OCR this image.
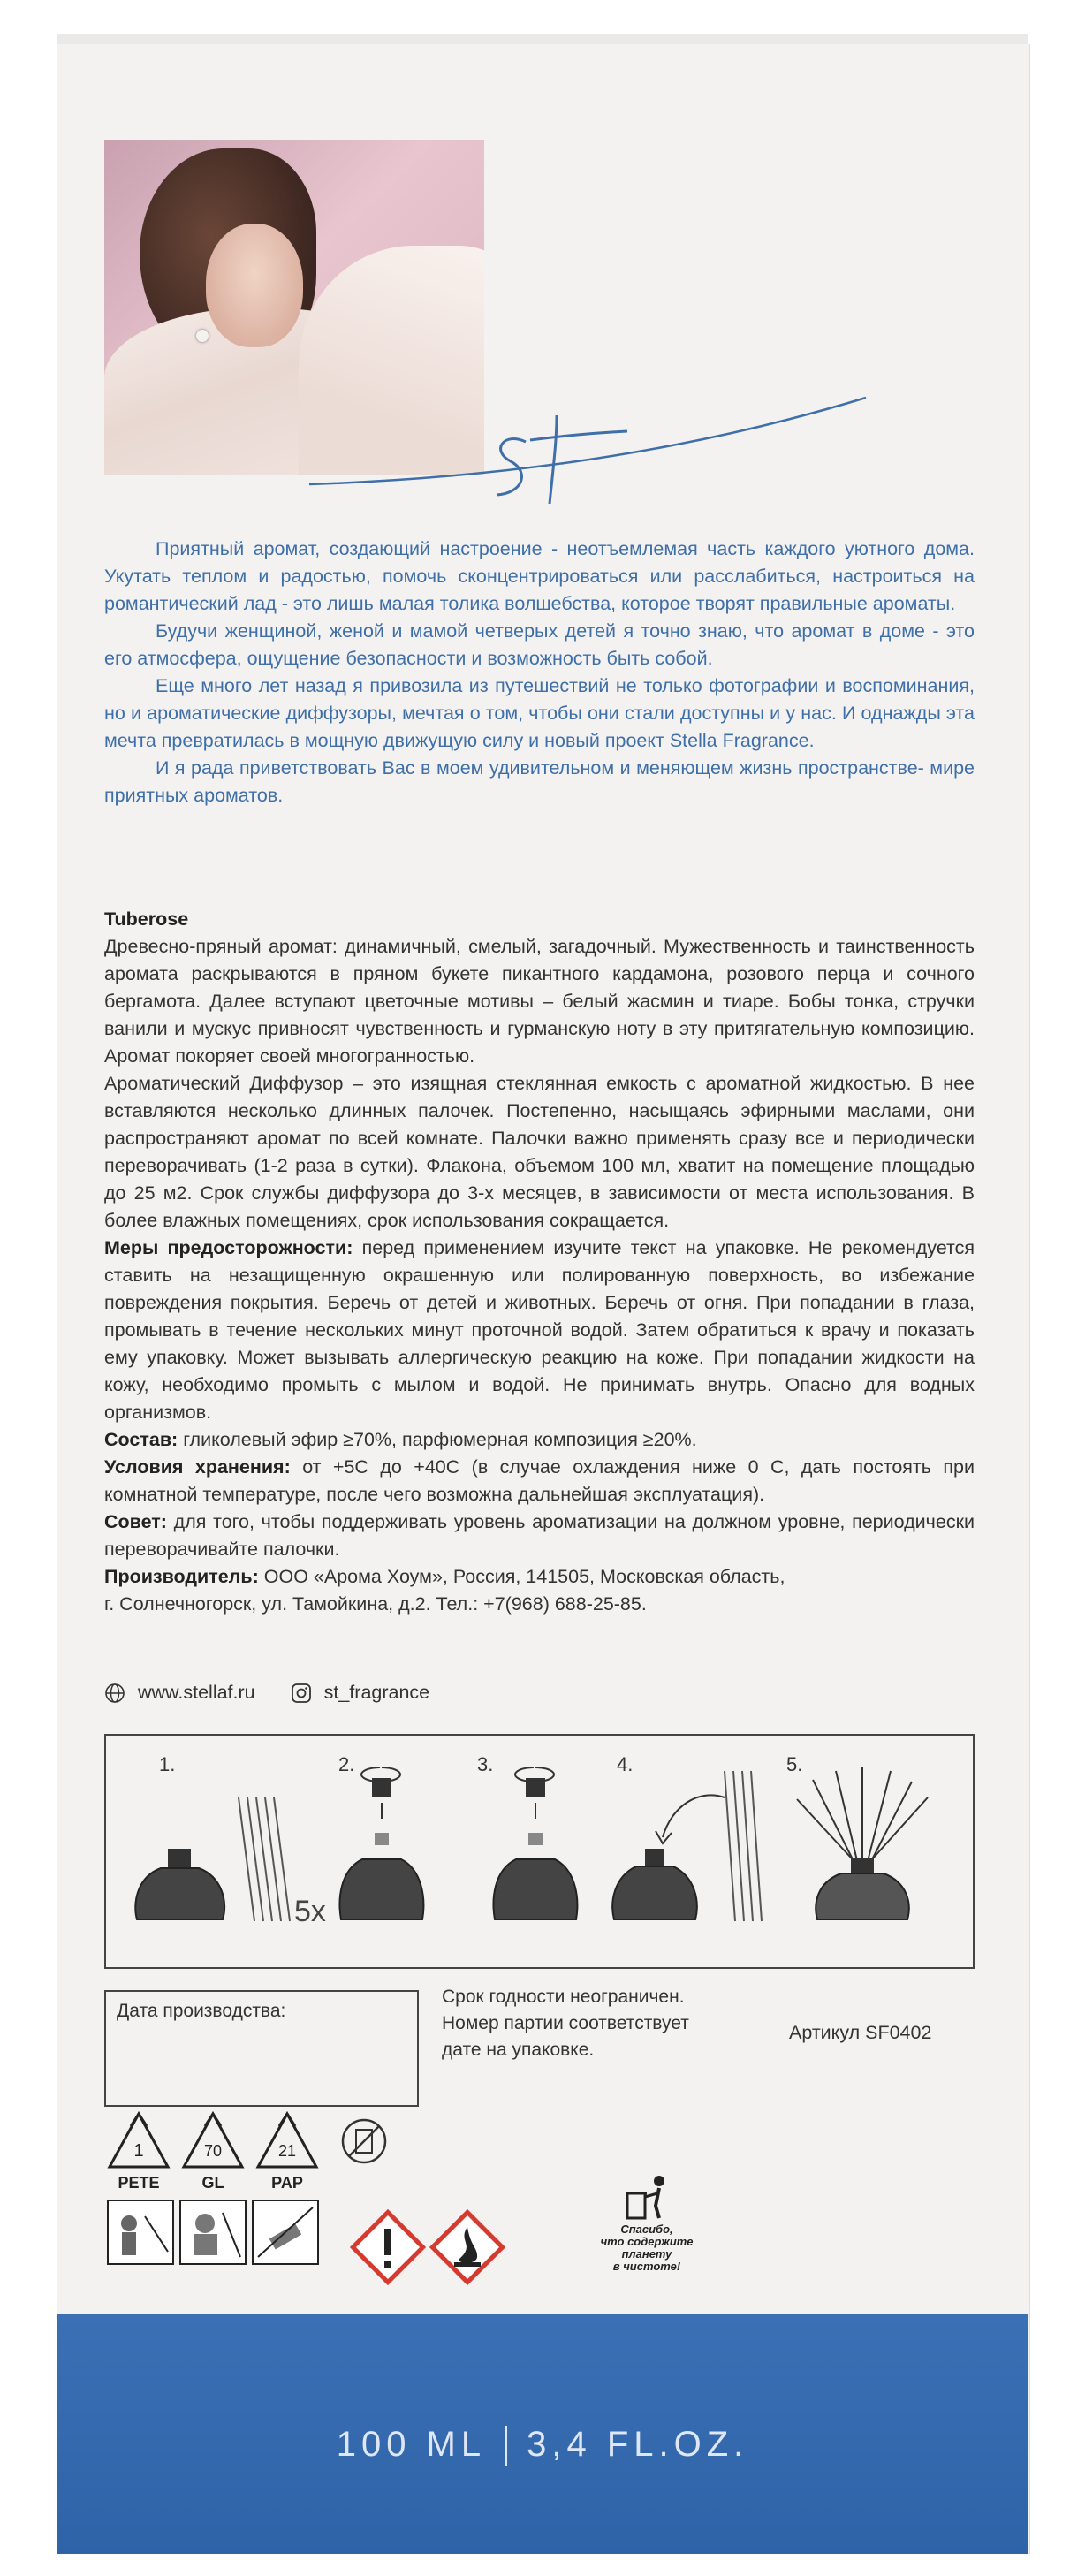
Приятный аромат, создающий настроение - неотъемлемая часть каждого уютного дома. Укутать теплом и радостью, помочь сконцентрироваться или расслабиться, настроиться на романтический лад - это лишь малая толика волшебства, которое творят правильные ароматы.

Будучи женщиной, женой и мамой четверых детей я точно знаю, что аромат в доме - это его атмосфера, ощущение безопасности и возможность быть собой.

Еще много лет назад я привозила из путешествий не только фотографии и воспоминания, но и ароматические диффузоры, мечтая о том, чтобы они стали доступны и у нас. И однажды эта мечта превратилась в мощную движущую силу и новый проект Stella Fragrance.

И я рада приветствовать Вас в моем удивительном и меняющем жизнь пространстве- мире приятных ароматов.

Tuberose

Древесно-пряный аромат: динамичный, смелый, загадочный. Мужественность и таинственность аромата раскрываются в пряном букете пикантного кардамона, розового перца и сочного бергамота. Далее вступают цветочные мотивы – белый жасмин и тиаре. Бобы тонка, стручки ванили и мускус привносят чувственность и гурманскую ноту в эту притягательную композицию. Аромат покоряет своей многогранностью.

Ароматический Диффузор – это изящная стеклянная емкость с ароматной жидкостью. В нее вставляются несколько длинных палочек. Постепенно, насыщаясь эфирными маслами, они распространяют аромат по всей комнате. Палочки важно применять сразу все и периодически переворачивать (1-2 раза в сутки). Флакона, объемом 100 мл, хватит на помещение площадью до 25 м2. Срок службы диффузора до 3-х месяцев, в зависимости от места использования. В более влажных помещениях, срок использования сокращается.

Меры предосторожности: перед применением изучите текст на упаковке. Не рекомендуется ставить на незащищенную окрашенную или полированную поверхность, во избежание повреждения покрытия. Беречь от детей и животных. Беречь от огня. При попадании в глаза, промывать в течение нескольких минут проточной водой. Затем обратиться к врачу и показать ему упаковку. Может вызывать аллергическую реакцию на коже. При попадании жидкости на кожу, необходимо промыть с мылом и водой. Не принимать внутрь. Опасно для водных организмов.

Состав: гликолевый эфир ≥70%, парфюмерная композиция ≥20%.

Условия хранения: от +5С до +40С (в случае охлаждения ниже 0 С, дать постоять при комнатной температуре, после чего возможна дальнейшая эксплуатация).

Совет: для того, чтобы поддерживать уровень ароматизации на должном уровне, периодически переворачивайте палочки.

Производитель: ООО «Арома Хоум», Россия, 141505, Московская область,
г. Солнечногорск, ул. Тамойкина, д.2. Тел.: +7(968) 688-25-85.

www.stellaf.ru	st_fragrance
1.	2.	3.	4.	5.
5x
Дата производства:
Срок годности неограничен.
Номер партии соответствует
дате на упаковке.
Артикул SF0402
1
PETE
70
GL
21
PAP
Спасибо,
что содержите
планету
в чистоте!
100 ML 3,4 FL.OZ.
